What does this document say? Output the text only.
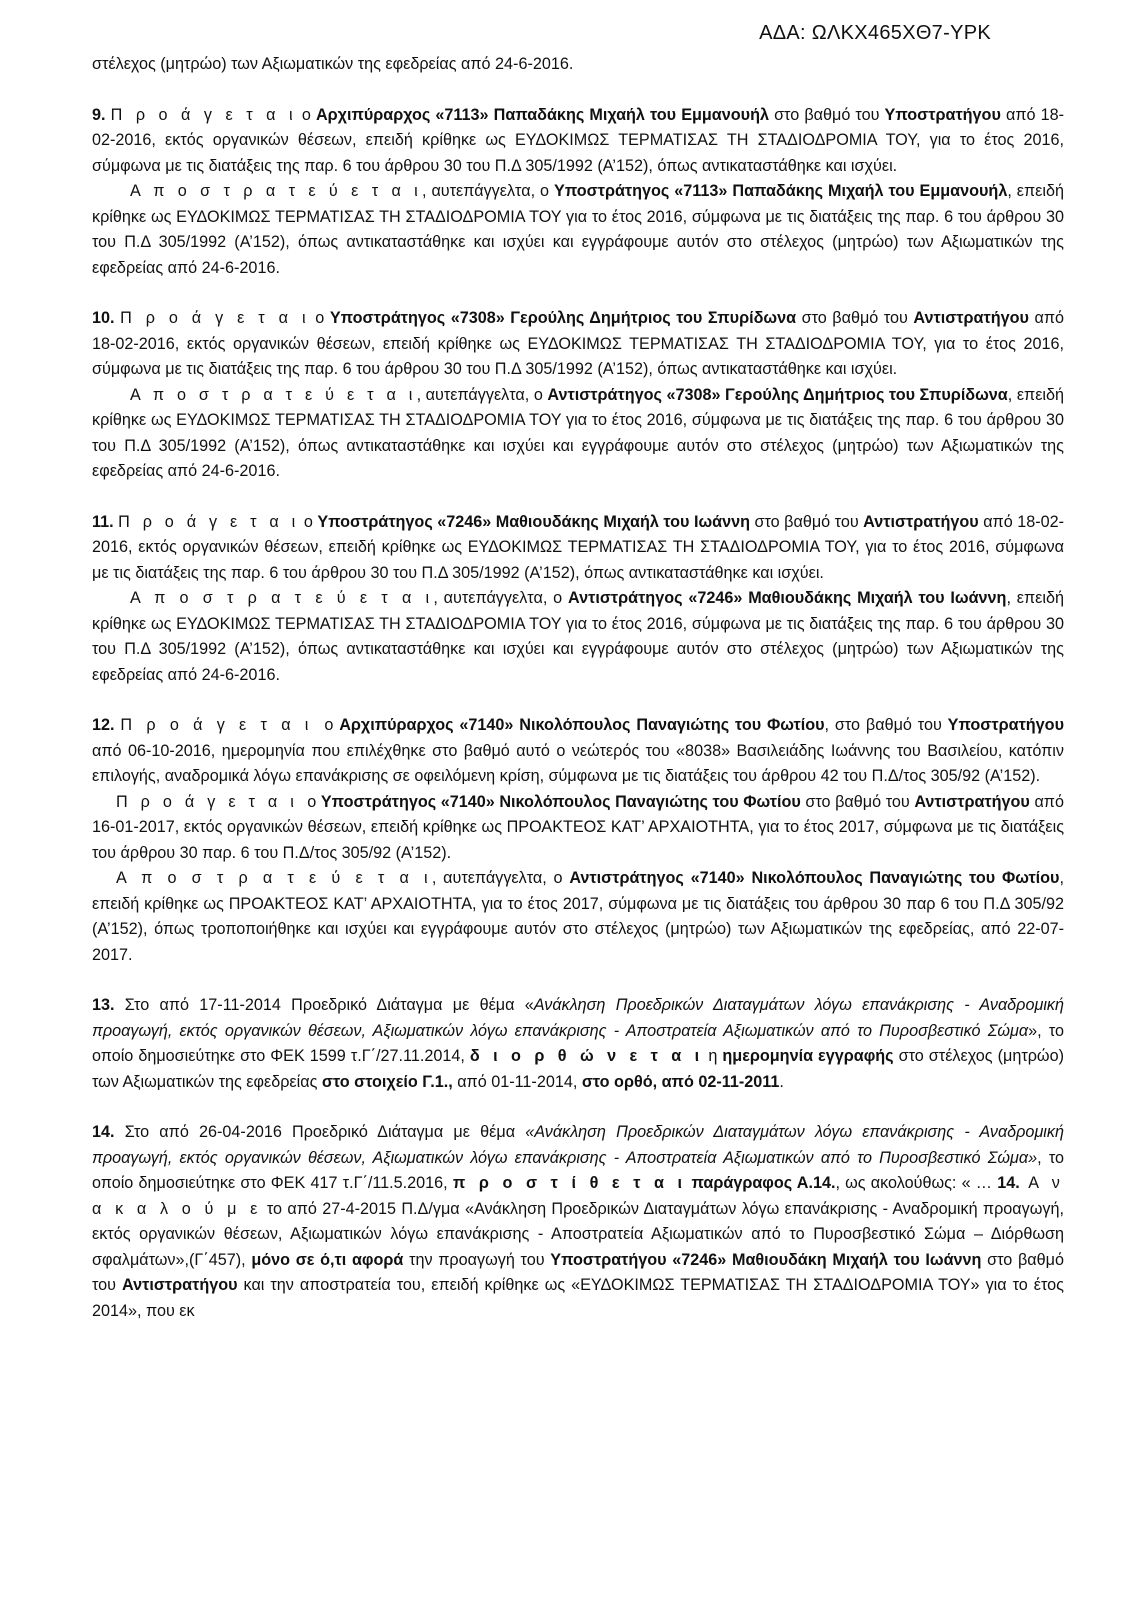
ΑΔΑ: ΩΛΚΧ465ΧΘ7-ΥΡΚ

στέλεχος (μητρώο) των Αξιωματικών της εφεδρείας από 24-6-2016.

9. Π ρ ο ά γ ε τ α ι ο Αρχιπύραρχος «7113» Παπαδάκης Μιχαήλ του Εμμανουήλ στο βαθμό του Υποστρατήγου από 18-02-2016, εκτός οργανικών θέσεων, επειδή κρίθηκε ως ΕΥΔΟΚΙΜΩΣ ΤΕΡΜΑΤΙΣΑΣ ΤΗ ΣΤΑΔΙΟΔΡΟΜΙΑ ΤΟΥ, για το έτος 2016, σύμφωνα με τις διατάξεις της παρ. 6 του άρθρου 30 του Π.Δ 305/1992 (Α’152), όπως αντικαταστάθηκε και ισχύει.

Α π ο σ τ ρ α τ ε ύ ε τ α ι, αυτεπάγγελτα, ο Υποστράτηγος «7113» Παπαδάκης Μιχαήλ του Εμμανουήλ, επειδή κρίθηκε ως ΕΥΔΟΚΙΜΩΣ ΤΕΡΜΑΤΙΣΑΣ ΤΗ ΣΤΑΔΙΟΔΡΟΜΙΑ ΤΟΥ για το έτος 2016, σύμφωνα με τις διατάξεις της παρ. 6 του άρθρου 30 του Π.Δ 305/1992 (Α’152), όπως αντικαταστάθηκε και ισχύει και εγγράφουμε αυτόν στο στέλεχος (μητρώο) των Αξιωματικών της εφεδρείας από 24-6-2016.

10. Π ρ ο ά γ ε τ α ι ο Υποστράτηγος «7308» Γερούλης Δημήτριος του Σπυρίδωνα στο βαθμό του Αντιστρατήγου από 18-02-2016, εκτός οργανικών θέσεων, επειδή κρίθηκε ως ΕΥΔΟΚΙΜΩΣ ΤΕΡΜΑΤΙΣΑΣ ΤΗ ΣΤΑΔΙΟΔΡΟΜΙΑ ΤΟΥ, για το έτος 2016, σύμφωνα με τις διατάξεις της παρ. 6 του άρθρου 30 του Π.Δ 305/1992 (Α’152), όπως αντικαταστάθηκε και ισχύει.

Α π ο σ τ ρ α τ ε ύ ε τ α ι, αυτεπάγγελτα, ο Αντιστράτηγος «7308» Γερούλης Δημήτριος του Σπυρίδωνα, επειδή κρίθηκε ως ΕΥΔΟΚΙΜΩΣ ΤΕΡΜΑΤΙΣΑΣ ΤΗ ΣΤΑΔΙΟΔΡΟΜΙΑ ΤΟΥ για το έτος 2016, σύμφωνα με τις διατάξεις της παρ. 6 του άρθρου 30 του Π.Δ 305/1992 (Α’152), όπως αντικαταστάθηκε και ισχύει και εγγράφουμε αυτόν στο στέλεχος (μητρώο) των Αξιωματικών της εφεδρείας από 24-6-2016.

11. Π ρ ο ά γ ε τ α ι ο Υποστράτηγος «7246» Μαθιουδάκης Μιχαήλ του Ιωάννη στο βαθμό του Αντιστρατήγου από 18-02-2016, εκτός οργανικών θέσεων, επειδή κρίθηκε ως ΕΥΔΟΚΙΜΩΣ ΤΕΡΜΑΤΙΣΑΣ ΤΗ ΣΤΑΔΙΟΔΡΟΜΙΑ ΤΟΥ, για το έτος 2016, σύμφωνα με τις διατάξεις της παρ. 6 του άρθρου 30 του Π.Δ 305/1992 (Α’152), όπως αντικαταστάθηκε και ισχύει.

Α π ο σ τ ρ α τ ε ύ ε τ α ι, αυτεπάγγελτα, ο Αντιστράτηγος «7246» Μαθιουδάκης Μιχαήλ του Ιωάννη, επειδή κρίθηκε ως ΕΥΔΟΚΙΜΩΣ ΤΕΡΜΑΤΙΣΑΣ ΤΗ ΣΤΑΔΙΟΔΡΟΜΙΑ ΤΟΥ για το έτος 2016, σύμφωνα με τις διατάξεις της παρ. 6 του άρθρου 30 του Π.Δ 305/1992 (Α’152), όπως αντικαταστάθηκε και ισχύει και εγγράφουμε αυτόν στο στέλεχος (μητρώο) των Αξιωματικών της εφεδρείας από 24-6-2016.

12. Π ρ ο ά γ ε τ α ι  ο Αρχιπύραρχος «7140» Νικολόπουλος Παναγιώτης του Φωτίου, στο βαθμό του Υποστρατήγου από 06-10-2016, ημερομηνία που επιλέχθηκε στο βαθμό αυτό ο νεώτερός του «8038» Βασιλειάδης Ιωάννης του Βασιλείου, κατόπιν επιλογής, αναδρομικά λόγω επανάκρισης σε οφειλόμενη κρίση, σύμφωνα με τις διατάξεις του άρθρου 42 του Π.Δ/τος 305/92 (Α’152).

Π ρ ο ά γ ε τ α ι  ο Υποστράτηγος «7140» Νικολόπουλος Παναγιώτης του Φωτίου στο βαθμό του Αντιστρατήγου από 16-01-2017, εκτός οργανικών θέσεων, επειδή κρίθηκε ως ΠΡΟΑΚΤΕΟΣ ΚΑΤ’ ΑΡΧΑΙΟΤΗΤΑ, για το έτος 2017, σύμφωνα με τις διατάξεις του άρθρου 30 παρ. 6 του Π.Δ/τος 305/92 (Α’152).

Α π ο σ τ ρ α τ ε ύ ε τ α ι, αυτεπάγγελτα, ο Αντιστράτηγος «7140» Νικολόπουλος Παναγιώτης του Φωτίου, επειδή κρίθηκε ως ΠΡΟΑΚΤΕΟΣ ΚΑΤ’ ΑΡΧΑΙΟΤΗΤΑ, για το έτος 2017, σύμφωνα με τις διατάξεις του άρθρου 30 παρ 6 του Π.Δ 305/92 (Α’152), όπως τροποποιήθηκε και ισχύει και εγγράφουμε αυτόν στο στέλεχος (μητρώο) των Αξιωματικών της εφεδρείας, από 22-07-2017.

13. Στο από 17-11-2014 Προεδρικό Διάταγμα με θέμα «Ανάκληση Προεδρικών Διαταγμάτων λόγω επανάκρισης - Αναδρομική προαγωγή, εκτός οργανικών θέσεων, Αξιωματικών λόγω επανάκρισης - Αποστρατεία Αξιωματικών από το Πυροσβεστικό Σώμα», το οποίο δημοσιεύτηκε στο ΦΕΚ 1599 τ.Γ΄/27.11.2014, δ ι ο ρ θ ώ ν ε τ α ι η ημερομηνία εγγραφής στο στέλεχος (μητρώο) των Αξιωματικών της εφεδρείας στο στοιχείο Γ.1., από 01-11-2014, στο ορθό, από 02-11-2011.

14. Στο από 26-04-2016 Προεδρικό Διάταγμα με θέμα «Ανάκληση Προεδρικών Διαταγμάτων λόγω επανάκρισης - Αναδρομική προαγωγή, εκτός οργανικών θέσεων, Αξιωματικών λόγω επανάκρισης - Αποστρατεία Αξιωματικών από το Πυροσβεστικό Σώμα», το οποίο δημοσιεύτηκε στο ΦΕΚ 417 τ.Γ΄/11.5.2016, π ρ ο σ τ ί θ ε τ α ι παράγραφος Α.14., ως ακολούθως: « … 14. Α ν α κ α λ ο ύ μ ε το από 27-4-2015 Π.Δ/γμα «Ανάκληση Προεδρικών Διαταγμάτων λόγω επανάκρισης - Αναδρομική προαγωγή, εκτός οργανικών θέσεων, Αξιωματικών λόγω επανάκρισης - Αποστρατεία Αξιωματικών από το Πυροσβεστικό Σώμα – Διόρθωση σφαλμάτων»,(Γ΄457), μόνο σε ό,τι αφορά την προαγωγή του Υποστρατήγου «7246» Μαθιουδάκη Μιχαήλ του Ιωάννη στο βαθμό του Αντιστρατήγου και την αποστρατεία του, επειδή κρίθηκε ως «ΕΥΔΟΚΙΜΩΣ ΤΕΡΜΑΤΙΣΑΣ ΤΗ ΣΤΑΔΙΟΔΡΟΜΙΑ ΤΟΥ» για το έτος 2014», που εκ
